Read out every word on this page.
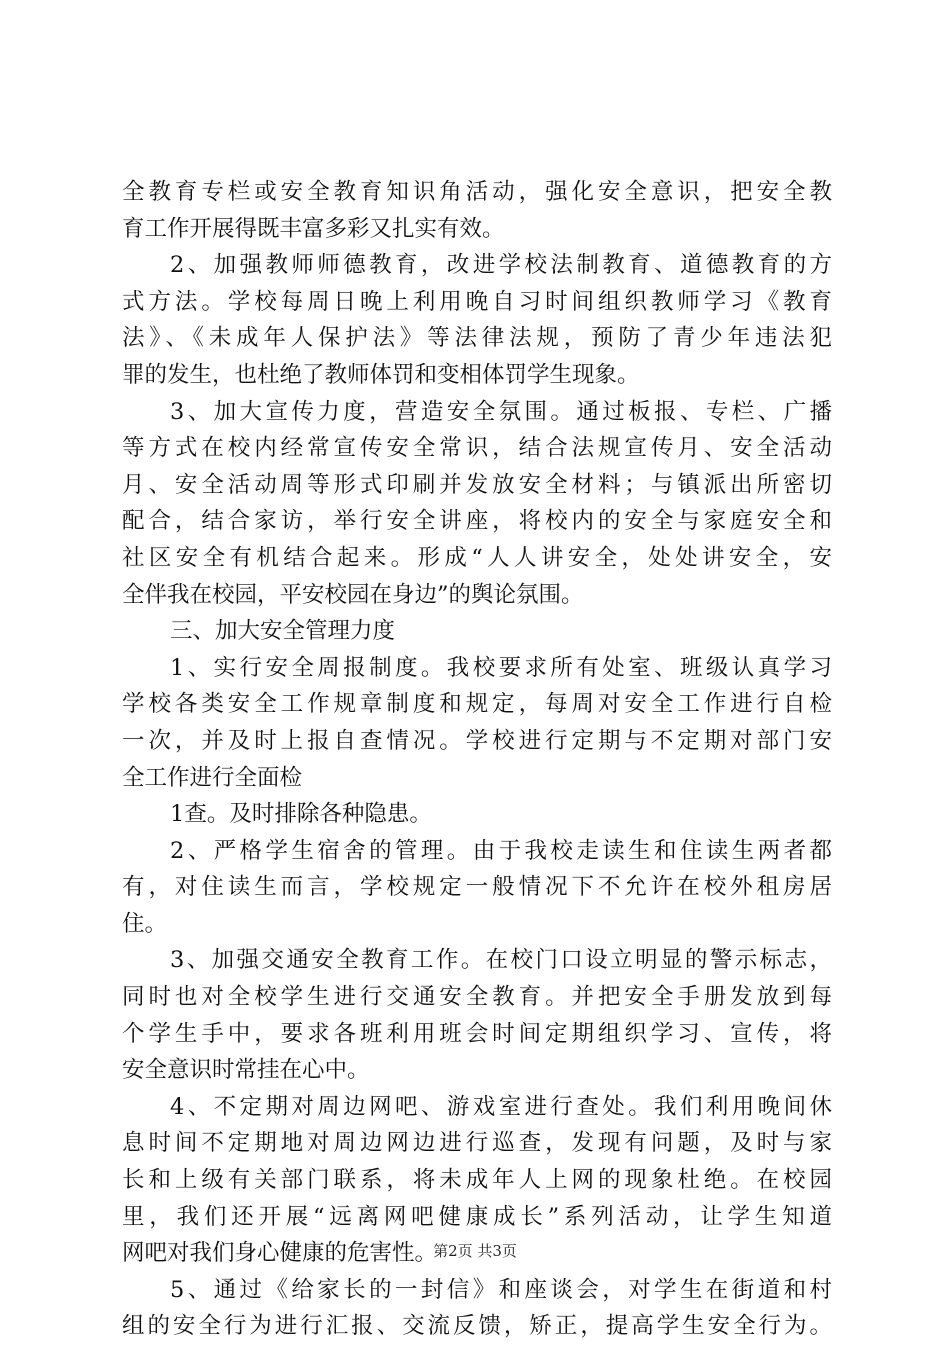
全教育专栏或安全教育知识角活动，强化安全意识，把安全教
育工作开展得既丰富多彩又扎实有效。
2、加强教师师德教育，改进学校法制教育、道德教育的方
式方法。学校每周日晚上利用晚自习时间组织教师学习《教育
法》、《未成年人保护法》等法律法规，预防了青少年违法犯
罪的发生，也杜绝了教师体罚和变相体罚学生现象。
3、加大宣传力度，营造安全氛围。通过板报、专栏、广播
等方式在校内经常宣传安全常识，结合法规宣传月、安全活动
月、安全活动周等形式印刷并发放安全材料；与镇派出所密切
配合，结合家访，举行安全讲座，将校内的安全与家庭安全和
社区安全有机结合起来。形成“人人讲安全，处处讲安全，安
全伴我在校园，平安校园在身边”的舆论氛围。
三、加大安全管理力度
1、实行安全周报制度。我校要求所有处室、班级认真学习
学校各类安全工作规章制度和规定，每周对安全工作进行自检
一次，并及时上报自查情况。学校进行定期与不定期对部门安
全工作进行全面检
1查。及时排除各种隐患。
2、严格学生宿舍的管理。由于我校走读生和住读生两者都
有，对住读生而言，学校规定一般情况下不允许在校外租房居
住。
3、加强交通安全教育工作。在校门口设立明显的警示标志，
同时也对全校学生进行交通安全教育。并把安全手册发放到每
个学生手中，要求各班利用班会时间定期组织学习、宣传，将
安全意识时常挂在心中。
4、不定期对周边网吧、游戏室进行查处。我们利用晚间休
息时间不定期地对周边网边进行巡查，发现有问题，及时与家
长和上级有关部门联系，将未成年人上网的现象杜绝。在校园
里，我们还开展“远离网吧健康成长”系列活动，让学生知道
网吧对我们身心健康的危害性。
5、通过《给家长的一封信》和座谈会，对学生在街道和村
组的安全行为进行汇报、交流反馈，矫正，提高学生安全行为。
第2页 共3页
